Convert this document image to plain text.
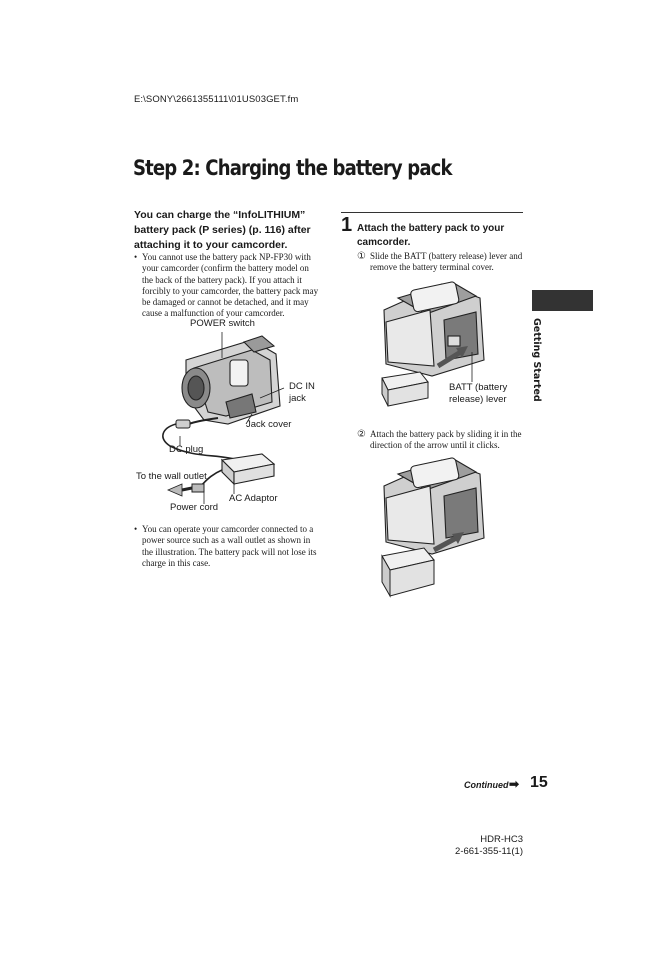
E:\SONY\2661355111\01US03GET.fm
Step 2: Charging the battery pack
You can charge the “InfoLITHIUM” battery pack (P series) (p. 116) after attaching it to your camcorder.
• You cannot use the battery pack NP-FP30 with your camcorder (confirm the battery model on the back of the battery pack). If you attach it forcibly to your camcorder, the battery pack may be damaged or cannot be detached, and it may cause a malfunction of your camcorder.
POWER switch
DC IN jack
Jack cover
DC plug
To the wall outlet
AC Adaptor
Power cord
• You can operate your camcorder connected to a power source such as a wall outlet as shown in the illustration. The battery pack will not lose its charge in this case.
1 Attach the battery pack to your camcorder.
① Slide the BATT (battery release) lever and remove the battery terminal cover.
BATT (battery release) lever
② Attach the battery pack by sliding it in the direction of the arrow until it clicks.
Getting Started
Continued ➡ 15
HDR-HC3
2-661-355-11(1)
